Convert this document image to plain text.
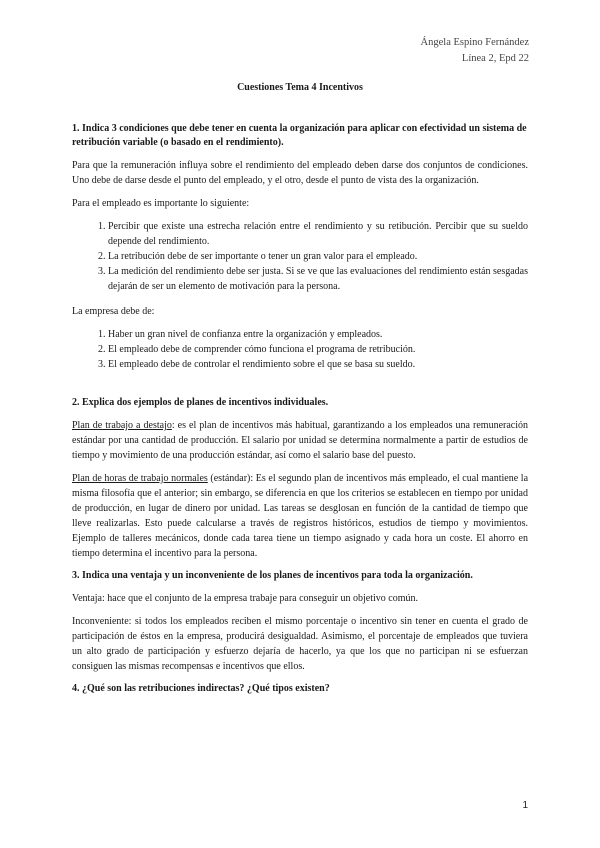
Ángela Espino Fernández
Línea 2, Epd 22
Cuestiones Tema 4 Incentivos
1. Indica 3 condiciones que debe tener en cuenta la organización para aplicar con efectividad un sistema de retribución variable (o basado en el rendimiento).

Para que la remuneración influya sobre el rendimiento del empleado deben darse dos conjuntos de condiciones. Uno debe de darse desde el punto del empleado, y el otro, desde el punto de vista des la organización.

Para el empleado es importante lo siguiente:

1. Percibir que existe una estrecha relación entre el rendimiento y su retibución. Percibir que su sueldo depende del rendimiento.
2. La retribución debe de ser importante o tener un gran valor para el empleado.
3. La medición del rendimiento debe ser justa. Si se ve que las evaluaciones del rendimiento están sesgadas dejarán de ser un elemento de motivación para la persona.

La empresa debe de:

1. Haber un gran nivel de confianza entre la organización y empleados.
2. El empleado debe de comprender cómo funciona el programa de retribución.
3. El empleado debe de controlar el rendimiento sobre el que se basa su sueldo.
2. Explica dos ejemplos de planes de incentivos individuales.

Plan de trabajo a destajo: es el plan de incentivos más habitual, garantizando a los empleados una remuneración estándar por una cantidad de producción. El salario por unidad se determina normalmente a partir de estudios de tiempo y movimiento de una producción estándar, así como el salario base del puesto.

Plan de horas de trabajo normales (estándar): Es el segundo plan de incentivos más empleado, el cual mantiene la misma filosofía que el anterior; sin embargo, se diferencia en que los criterios se establecen en tiempo por unidad de producción, en lugar de dinero por unidad. Las tareas se desglosan en función de la cantidad de tiempo que lleve realizarlas. Esto puede calcularse a través de registros históricos, estudios de tiempo y movimientos. Ejemplo de talleres mecánicos, donde cada tarea tiene un tiempo asignado y cada hora un coste. El ahorro en tiempo determina el incentivo para la persona.

3. Indica una ventaja y un inconveniente de los planes de incentivos para toda la organización.

Ventaja: hace que el conjunto de la empresa trabaje para conseguir un objetivo común.

Inconveniente: si todos los empleados reciben el mismo porcentaje o incentivo sin tener en cuenta el grado de participación de éstos en la empresa, producirá desigualdad. Asimismo, el porcentaje de empleados que tuviera un alto grado de participación y esfuerzo dejaría de hacerlo, ya que los que no participan ni se esfuerzan consiguen las mismas recompensas e incentivos que ellos.

4. ¿Qué son las retribuciones indirectas? ¿Qué tipos existen?
1
